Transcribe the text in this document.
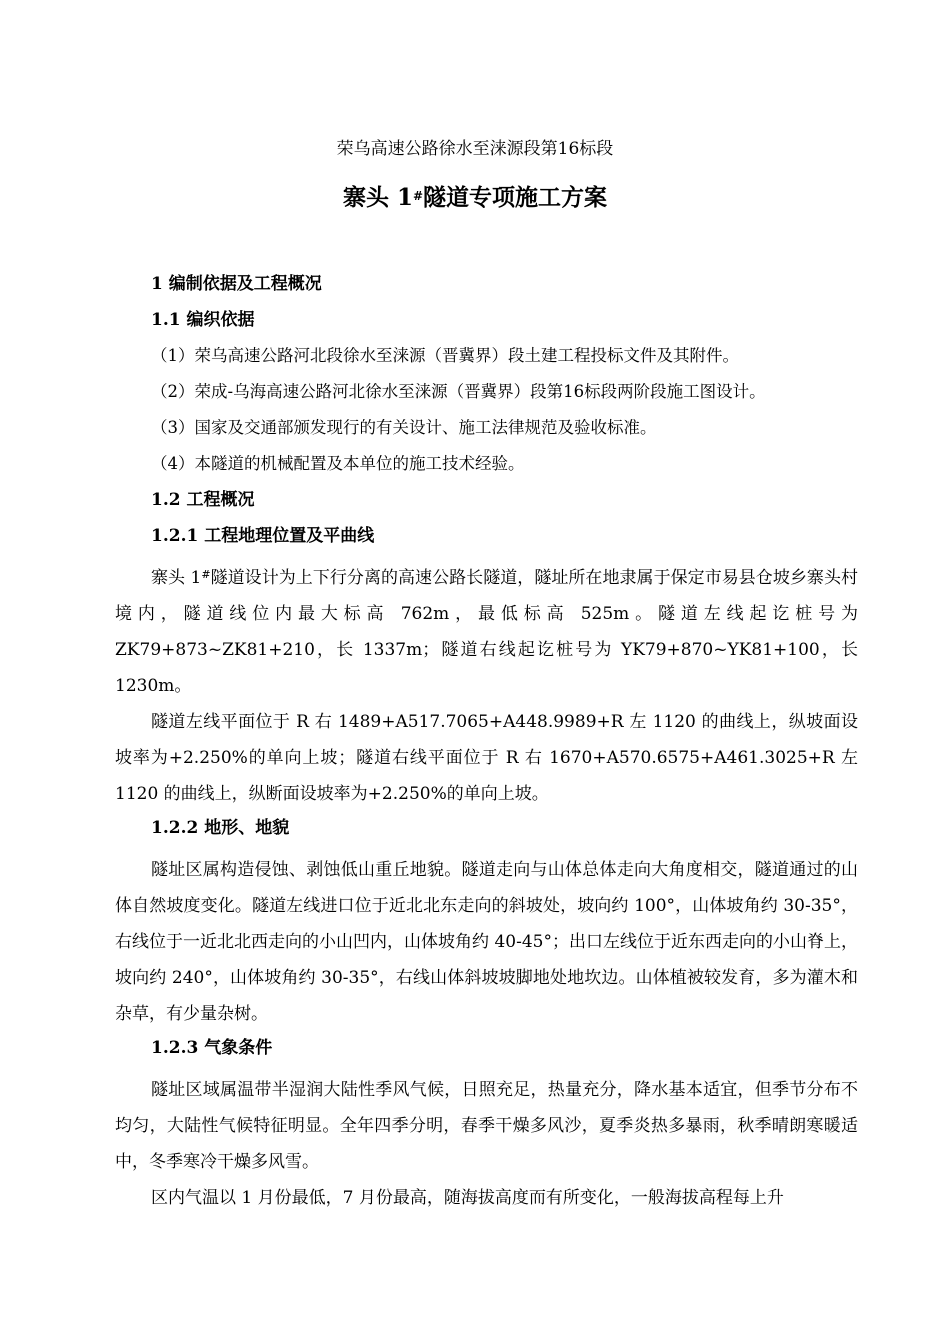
荣乌高速公路徐水至涞源段第16标段
寨头 1#隧道专项施工方案
1 编制依据及工程概况
1.1 编织依据
（1）荣乌高速公路河北段徐水至涞源（晋冀界）段土建工程投标文件及其附件。
（2）荣成-乌海高速公路河北徐水至涞源（晋冀界）段第16标段两阶段施工图设计。
（3）国家及交通部颁发现行的有关设计、施工法律规范及验收标准。
（4）本隧道的机械配置及本单位的施工技术经验。
1.2 工程概况
1.2.1 工程地理位置及平曲线
寨头 1#隧道设计为上下行分离的高速公路长隧道，隧址所在地隶属于保定市易县仓坡乡寨头村境内，隧道线位内最大标高 762m，最低标高 525m。隧道左线起讫桩号为 ZK79+873~ZK81+210，长 1337m；隧道右线起讫桩号为 YK79+870~YK81+100，长 1230m。
隧道左线平面位于 R 右 1489+A517.7065+A448.9989+R 左 1120 的曲线上，纵坡面设坡率为+2.250%的单向上坡；隧道右线平面位于 R 右 1670+A570.6575+A461.3025+R 左 1120 的曲线上，纵断面设坡率为+2.250%的单向上坡。
1.2.2 地形、地貌
隧址区属构造侵蚀、剥蚀低山重丘地貌。隧道走向与山体总体走向大角度相交，隧道通过的山体自然坡度变化。隧道左线进口位于近北北东走向的斜坡处，坡向约 100°，山体坡角约 30-35°，右线位于一近北北西走向的小山凹内，山体坡角约 40-45°；出口左线位于近东西走向的小山脊上，坡向约 240°，山体坡角约 30-35°，右线山体斜坡坡脚地处地坎边。山体植被较发育，多为灌木和杂草，有少量杂树。
1.2.3 气象条件
隧址区域属温带半湿润大陆性季风气候，日照充足，热量充分，降水基本适宜，但季节分布不均匀，大陆性气候特征明显。全年四季分明，春季干燥多风沙，夏季炎热多暴雨，秋季晴朗寒暖适中，冬季寒冷干燥多风雪。
区内气温以 1 月份最低，7 月份最高，随海拔高度而有所变化，一般海拔高程每上升
